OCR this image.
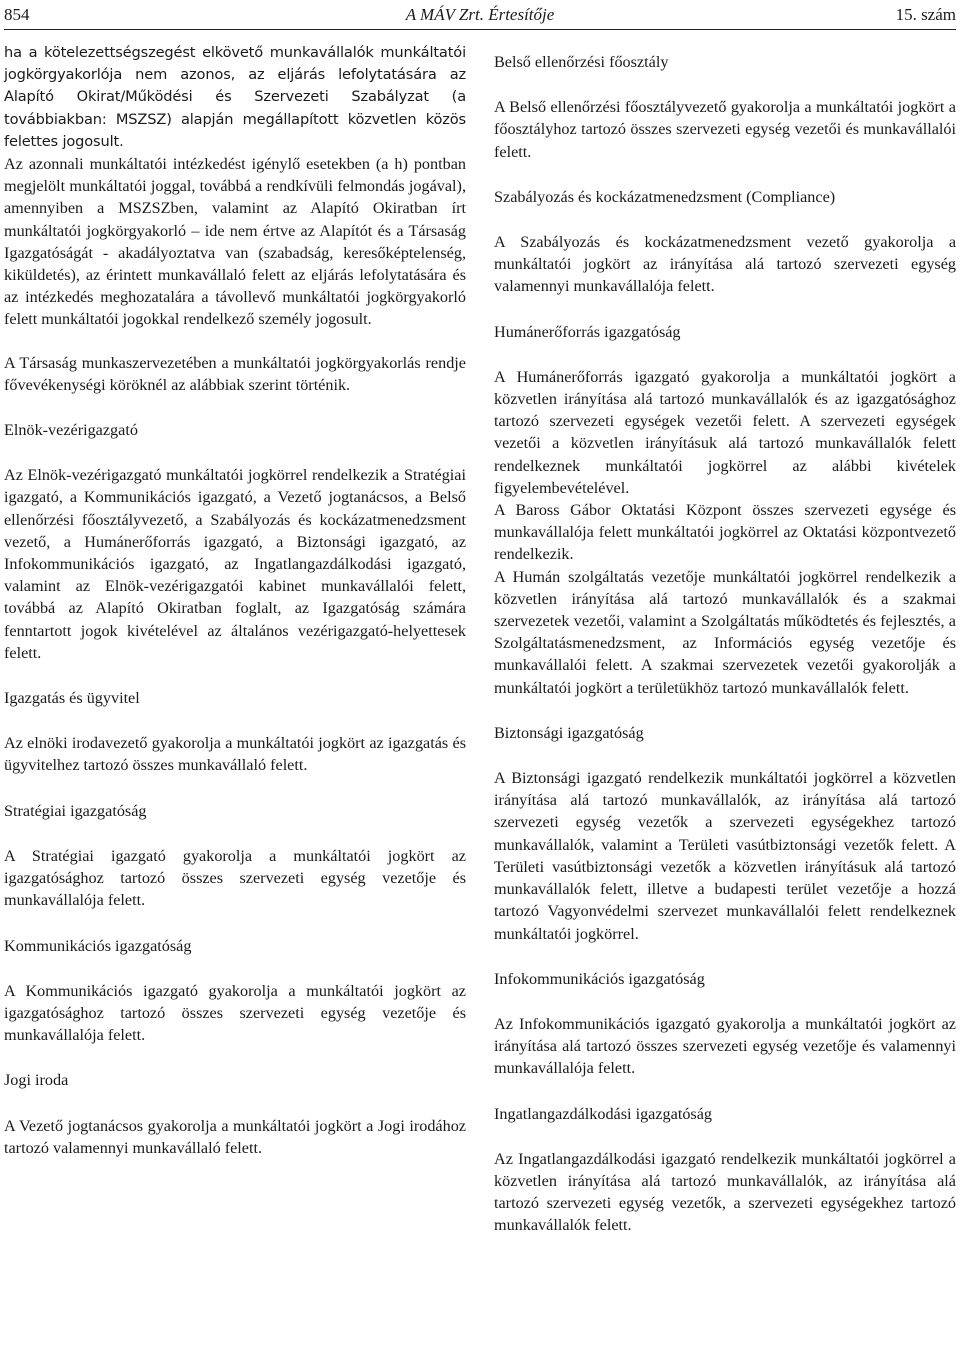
854	A MÁV Zrt. Értesítője	15. szám

ha a kötelezettségszegést elkövető munkavállalók munkáltatói jogkörgyakorlója nem azonos, az eljárás lefolytatására az Alapító Okirat/Működési és Szervezeti Szabályzat (a továbbiakban: MSZSZ) alapján megállapított közvetlen közös felettes jogosult.

Az azonnali munkáltatói intézkedést igénylő esetekben (a h) pontban megjelölt munkáltatói joggal, továbbá a rendkívüli felmondás jogával), amennyiben a MSZSZben, valamint az Alapító Okiratban írt munkáltatói jogkörgyakorló – ide nem értve az Alapítót és a Társaság Igazgatóságát - akadályoztatva van (szabadság, keresőképtelenség, kiküldetés), az érintett munkavállaló felett az eljárás lefolytatására és az intézkedés meghozatalára a távollevő munkáltatói jogkörgyakorló felett munkáltatói jogokkal rendelkező személy jogosult.

A Társaság munkaszervezetében a munkáltatói jogkörgyakorlás rendje fővevékenységi köröknél az alábbiak szerint történik.

Elnök-vezérigazgató

Az Elnök-vezérigazgató munkáltatói jogkörrel rendelkezik a Stratégiai igazgató, a Kommunikációs igazgató, a Vezető jogtanácsos, a Belső ellenőrzési főosztályvezető, a Szabályozás és kockázatmenedzsment vezető, a Humánerőforrás igazgató, a Biztonsági igazgató, az Infokommunikációs igazgató, az Ingatlangazdálkodási igazgató, valamint az Elnök-vezérigazgatói kabinet munkavállalói felett, továbbá az Alapító Okiratban foglalt, az Igazgatóság számára fenntartott jogok kivételével az általános vezérigazgató-helyettesek felett.

Igazgatás és ügyvitel

Az elnöki irodavezető gyakorolja a munkáltatói jogkört az igazgatás és ügyvitelhez tartozó összes munkavállaló felett.

Stratégiai igazgatóság

A Stratégiai igazgató gyakorolja a munkáltatói jogkört az igazgatósághoz tartozó összes szervezeti egység vezetője és munkavállalója felett.

Kommunikációs igazgatóság

A Kommunikációs igazgató gyakorolja a munkáltatói jogkört az igazgatósághoz tartozó összes szervezeti egység vezetője és munkavállalója felett.

Jogi iroda

A Vezető jogtanácsos gyakorolja a munkáltatói jogkört a Jogi irodához tartozó valamennyi munkavállaló felett.

Belső ellenőrzési főosztály

A Belső ellenőrzési főosztályvezető gyakorolja a munkáltatói jogkört a főosztályhoz tartozó összes szervezeti egység vezetői és munkavállalói felett.

Szabályozás és kockázatmenedzsment (Compliance)

A Szabályozás és kockázatmenedzsment vezető gyakorolja a munkáltatói jogkört az irányítása alá tartozó szervezeti egység valamennyi munkavállalója felett.

Humánerőforrás igazgatóság

A Humánerőforrás igazgató gyakorolja a munkáltatói jogkört a közvetlen irányítása alá tartozó munkavállalók és az igazgatósághoz tartozó szervezeti egységek vezetői felett. A szervezeti egységek vezetői a közvetlen irányításuk alá tartozó munkavállalók felett rendelkeznek munkáltatói jogkörrel az alábbi kivételek figyelembevételével.

A Baross Gábor Oktatási Központ összes szervezeti egysége és munkavállalója felett munkáltatói jogkörrel az Oktatási központvezető rendelkezik.

A Humán szolgáltatás vezetője munkáltatói jogkörrel rendelkezik a közvetlen irányítása alá tartozó munkavállalók és a szakmai szervezetek vezetői, valamint a Szolgáltatás működtetés és fejlesztés, a Szolgáltatásmenedzsment, az Információs egység vezetője és munkavállalói felett. A szakmai szervezetek vezetői gyakorolják a munkáltatói jogkört a területükhöz tartozó munkavállalók felett.

Biztonsági igazgatóság

A Biztonsági igazgató rendelkezik munkáltatói jogkörrel a közvetlen irányítása alá tartozó munkavállalók, az irányítása alá tartozó szervezeti egység vezetők a szervezeti egységekhez tartozó munkavállalók, valamint a Területi vasútbiztonsági vezetők felett. A Területi vasútbiztonsági vezetők a közvetlen irányításuk alá tartozó munkavállalók felett, illetve a budapesti terület vezetője a hozzá tartozó Vagyonvédelmi szervezet munkavállalói felett rendelkeznek munkáltatói jogkörrel.

Infokommunikációs igazgatóság

Az Infokommunikációs igazgató gyakorolja a munkáltatói jogkört az irányítása alá tartozó összes szervezeti egység vezetője és valamennyi munkavállalója felett.

Ingatlangazdálkodási igazgatóság

Az Ingatlangazdálkodási igazgató rendelkezik munkáltatói jogkörrel a közvetlen irányítása alá tartozó munkavállalók, az irányítása alá tartozó szervezeti egység vezetők, a szervezeti egységekhez tartozó munkavállalók felett.
